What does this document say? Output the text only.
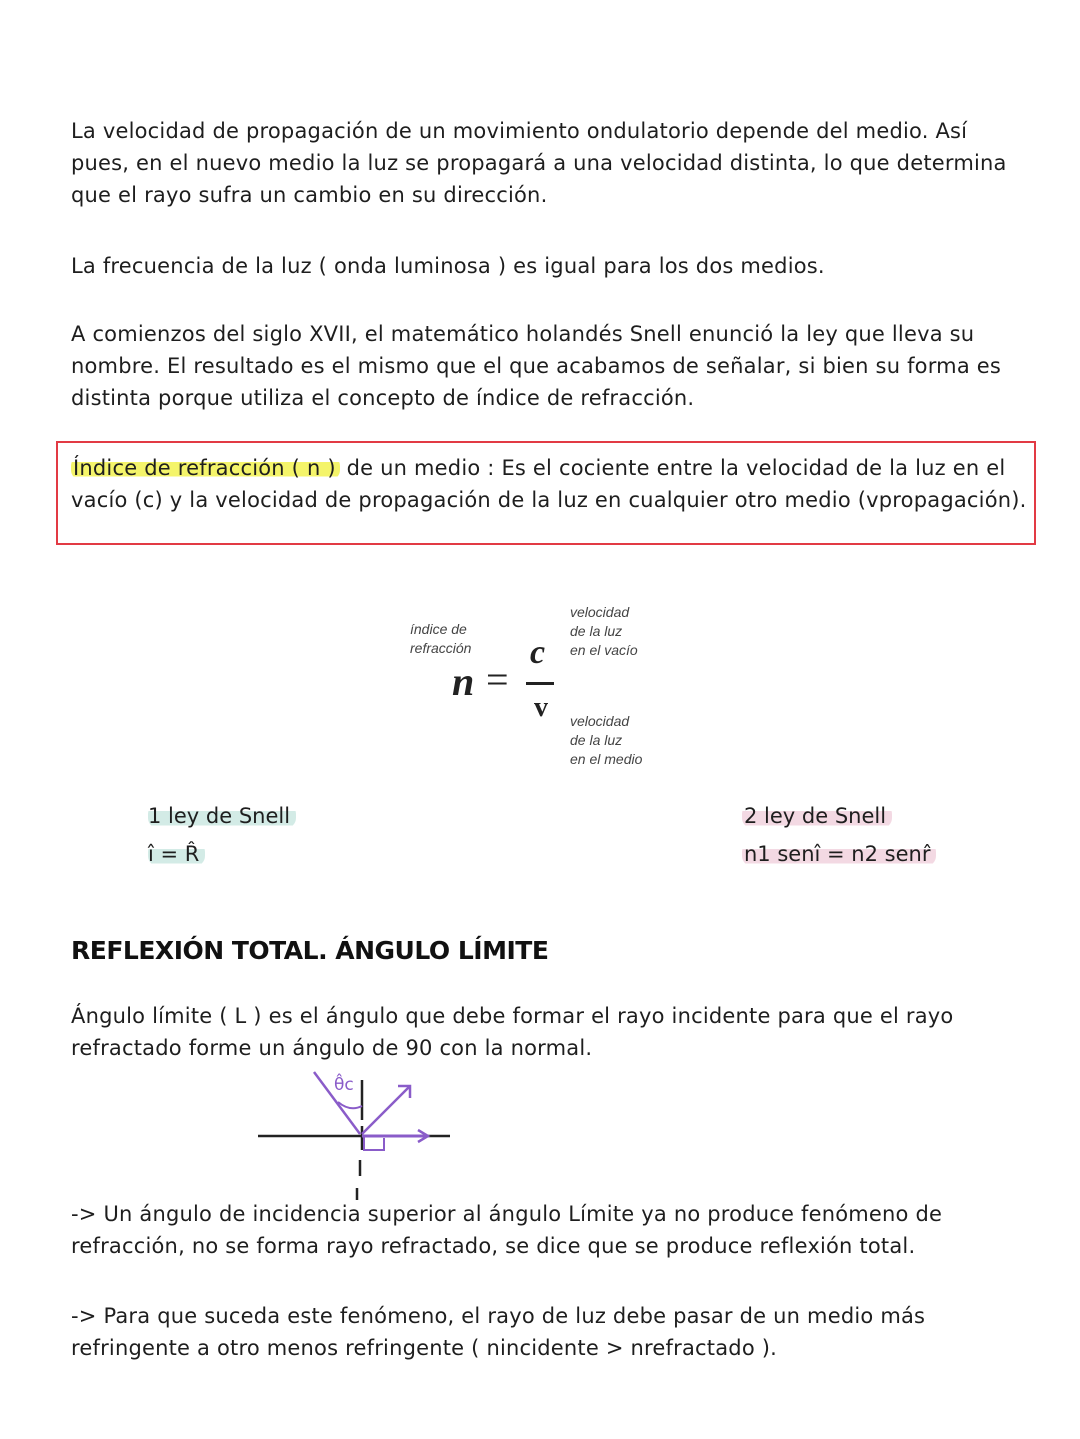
La velocidad de propagación de un movimiento ondulatorio depende del medio. Así pues, en el nuevo medio la luz se propagará a una velocidad distinta, lo que determina que el rayo sufra un cambio en su dirección.

La frecuencia de la luz ( onda luminosa ) es igual para los dos medios.

A comienzos del siglo XVII, el matemático holandés Snell enunció la ley que lleva su nombre. El resultado es el mismo que el que acabamos de señalar, si bien su forma es distinta porque utiliza el concepto de índice de refracción.

Índice de refracción ( n ) de un medio : Es el cociente entre la velocidad de la luz en el vacío (c) y la velocidad de propagación de la luz en cualquier otro medio (vpropagación).

índice de
refracción
velocidad
de la luz
en el vacío
velocidad
de la luz
en el medio
n =
c
v

1 ley de Snell

î = R̂

2 ley de Snell

n1 senî = n2 senr̂

REFLEXIÓN TOTAL. ÁNGULO LÍMITE

Ángulo límite ( L ) es el ángulo que debe formar el rayo incidente para que el rayo refractado forme un ángulo de 90 con la normal.

θ̂c

-> Un ángulo de incidencia superior al ángulo Límite ya no produce fenómeno de refracción, no se forma rayo refractado, se dice que se produce reflexión total.

-> Para que suceda este fenómeno, el rayo de luz debe pasar de un medio más refringente a otro menos refringente ( nincidente > nrefractado ).
